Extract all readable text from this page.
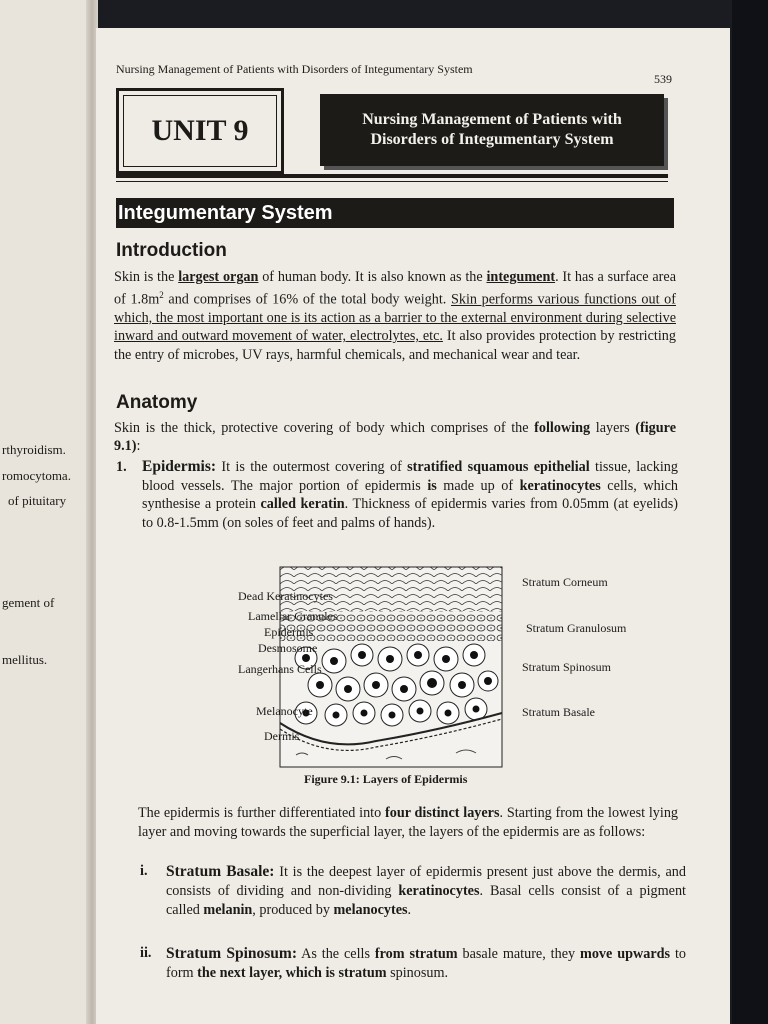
rthyroidism.
romocytoma.
of pituitary
gement of
mellitus.
Nursing Management of Patients with Disorders of Integumentary System
539
UNIT 9	Nursing Management of Patients with
Disorders of Integumentary System
Integumentary System
Introduction
Skin is the largest organ of human body. It is also known as the integument. It has a surface area of $1.8m^2$ and comprises of 16% of the total body weight. Skin performs various functions out of which, the most important one is its action as a barrier to the external environment during selective inward and outward movement of water, electrolytes, etc. It also provides protection by restricting the entry of microbes, UV rays, harmful chemicals, and mechanical wear and tear.
Anatomy
Skin is the thick, protective covering of body which comprises of the following layers (figure 9.1):
1. Epidermis: It is the outermost covering of stratified squamous epithelial tissue, lacking blood vessels. The major portion of epidermis is made up of keratinocytes cells, which synthesise a protein called keratin. Thickness of epidermis varies from 0.05mm (at eyelids) to 0.8-1.5mm (on soles of feet and palms of hands).
Dead Keratinocytes
Lamellar Granules
Epidermis
Desmosome
Langerhans Cells
Melanocyte
Dermis
Stratum Corneum
Stratum Granulosum
Stratum Spinosum
Stratum Basale
Figure 9.1: Layers of Epidermis
The epidermis is further differentiated into four distinct layers. Starting from the lowest lying layer and moving towards the superficial layer, the layers of the epidermis are as follows:
i. Stratum Basale: It is the deepest layer of epidermis present just above the dermis, and consists of dividing and non-dividing keratinocytes. Basal cells consist of a pigment called melanin, produced by melanocytes.
ii. Stratum Spinosum: As the cells from stratum basale mature, they move upwards to form the next layer, which is stratum spinosum.
